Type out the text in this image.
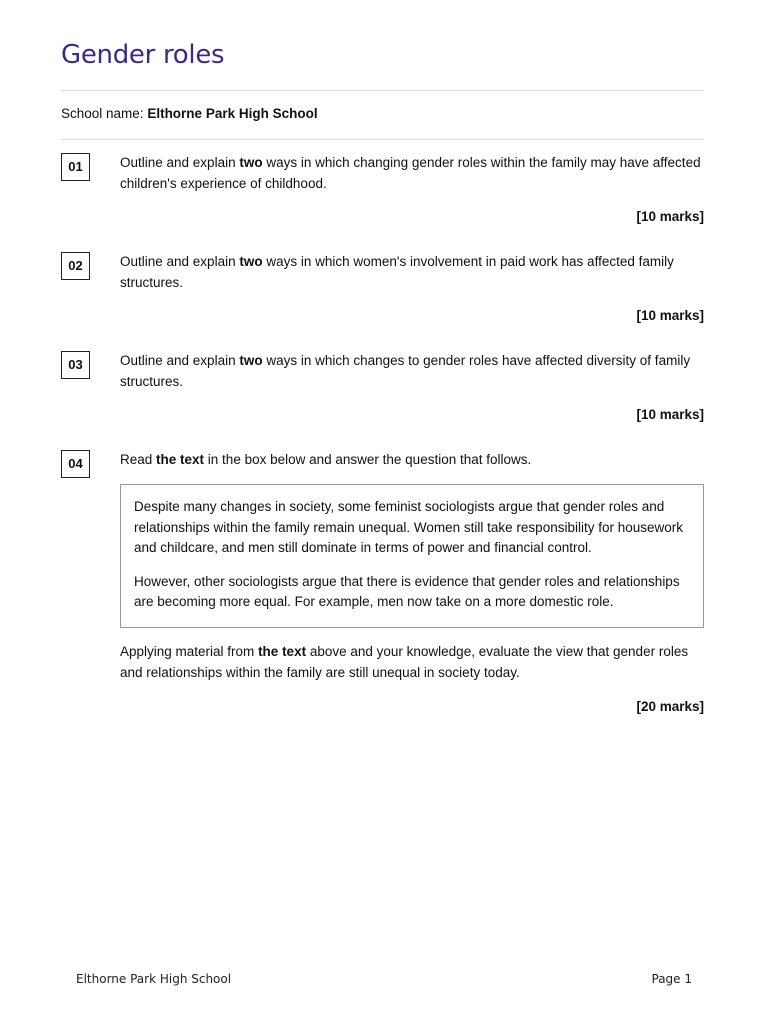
Gender roles
School name: Elthorne Park High School
01	Outline and explain two ways in which changing gender roles within the family may have affected children's experience of childhood.
[10 marks]
02	Outline and explain two ways in which women's involvement in paid work has affected family structures.
[10 marks]
03	Outline and explain two ways in which changes to gender roles have affected diversity of family structures.
[10 marks]
04	Read the text in the box below and answer the question that follows.

Despite many changes in society, some feminist sociologists argue that gender roles and relationships within the family remain unequal. Women still take responsibility for housework and childcare, and men still dominate in terms of power and financial control.

However, other sociologists argue that there is evidence that gender roles and relationships are becoming more equal. For example, men now take on a more domestic role.

Applying material from the text above and your knowledge, evaluate the view that gender roles and relationships within the family are still unequal in society today.
[20 marks]
Elthorne Park High School	Page 1
